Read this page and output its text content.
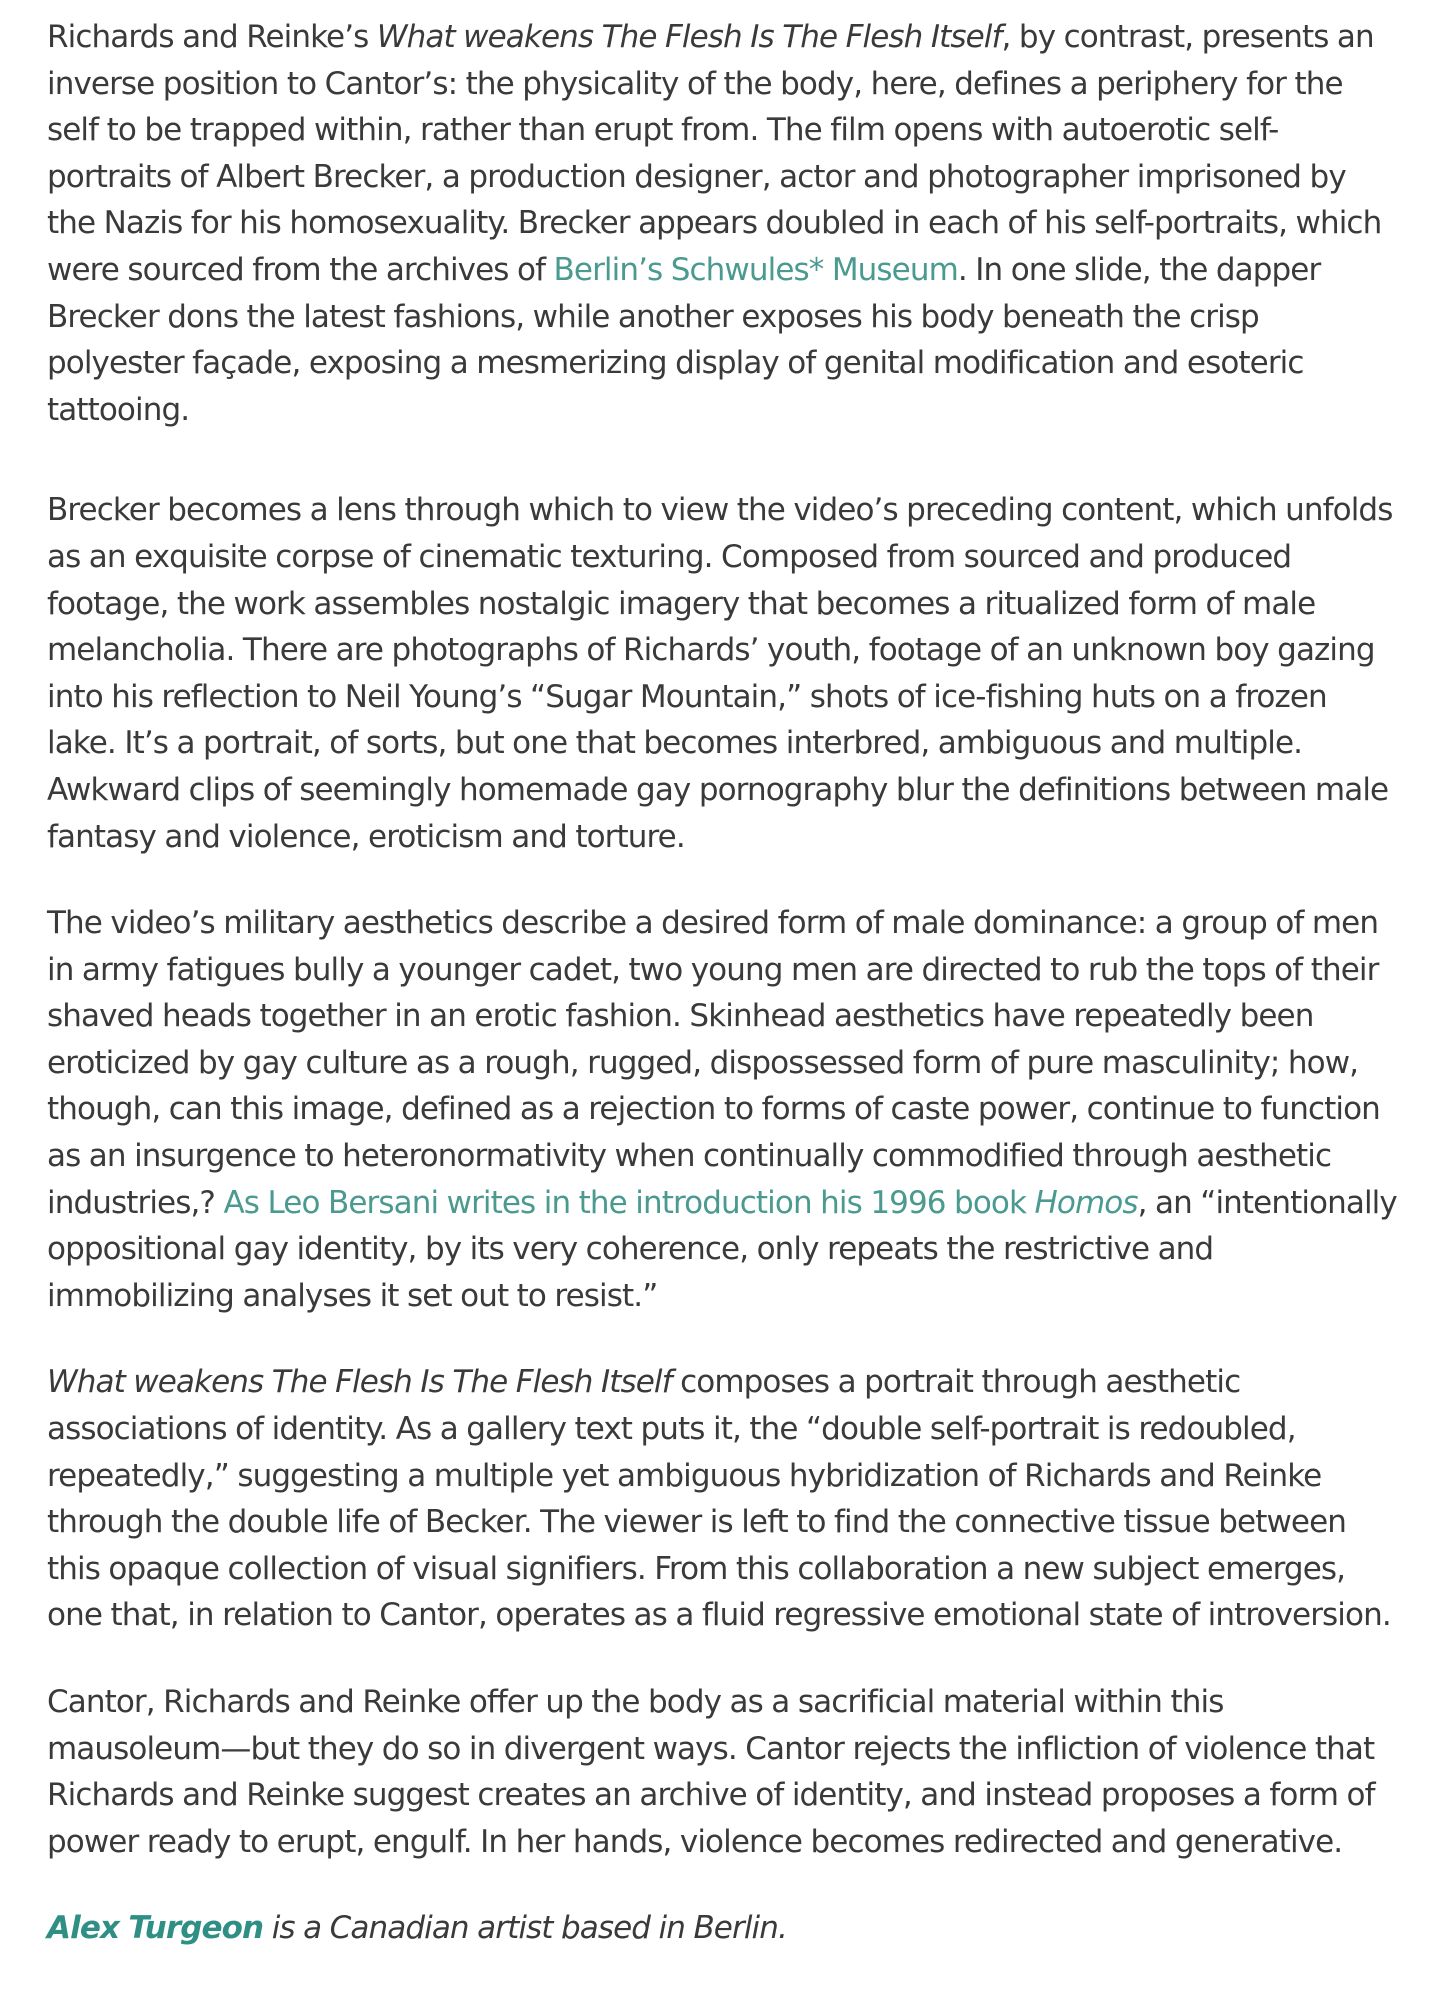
Richards and Reinke’s What weakens The Flesh Is The Flesh Itself, by contrast, presents an inverse position to Cantor’s: the physicality of the body, here, defines a periphery for the self to be trapped within, rather than erupt from. The film opens with autoerotic self-portraits of Albert Brecker, a production designer, actor and photographer imprisoned by the Nazis for his homosexuality. Brecker appears doubled in each of his self-portraits, which were sourced from the archives of Berlin’s Schwules* Museum. In one slide, the dapper Brecker dons the latest fashions, while another exposes his body beneath the crisp polyester façade, exposing a mesmerizing display of genital modification and esoteric tattooing.

Brecker becomes a lens through which to view the video’s preceding content, which unfolds as an exquisite corpse of cinematic texturing. Composed from sourced and produced footage, the work assembles nostalgic imagery that becomes a ritualized form of male melancholia. There are photographs of Richards’ youth, footage of an unknown boy gazing into his reflection to Neil Young’s “Sugar Mountain,” shots of ice-fishing huts on a frozen lake. It’s a portrait, of sorts, but one that becomes interbred, ambiguous and multiple. Awkward clips of seemingly homemade gay pornography blur the definitions between male fantasy and violence, eroticism and torture.

The video’s military aesthetics describe a desired form of male dominance: a group of men in army fatigues bully a younger cadet, two young men are directed to rub the tops of their shaved heads together in an erotic fashion. Skinhead aesthetics have repeatedly been eroticized by gay culture as a rough, rugged, dispossessed form of pure masculinity; how, though, can this image, defined as a rejection to forms of caste power, continue to function as an insurgence to heteronormativity when continually commodified through aesthetic industries,? As Leo Bersani writes in the introduction his 1996 book Homos, an “intentionally oppositional gay identity, by its very coherence, only repeats the restrictive and immobilizing analyses it set out to resist.”

What weakens The Flesh Is The Flesh Itself composes a portrait through aesthetic associations of identity. As a gallery text puts it, the “double self-portrait is redoubled, repeatedly,” suggesting a multiple yet ambiguous hybridization of Richards and Reinke through the double life of Becker. The viewer is left to find the connective tissue between this opaque collection of visual signifiers. From this collaboration a new subject emerges, one that, in relation to Cantor, operates as a fluid regressive emotional state of introversion.

Cantor, Richards and Reinke offer up the body as a sacrificial material within this mausoleum—but they do so in divergent ways. Cantor rejects the infliction of violence that Richards and Reinke suggest creates an archive of identity, and instead proposes a form of power ready to erupt, engulf. In her hands, violence becomes redirected and generative.

Alex Turgeon is a Canadian artist based in Berlin.
